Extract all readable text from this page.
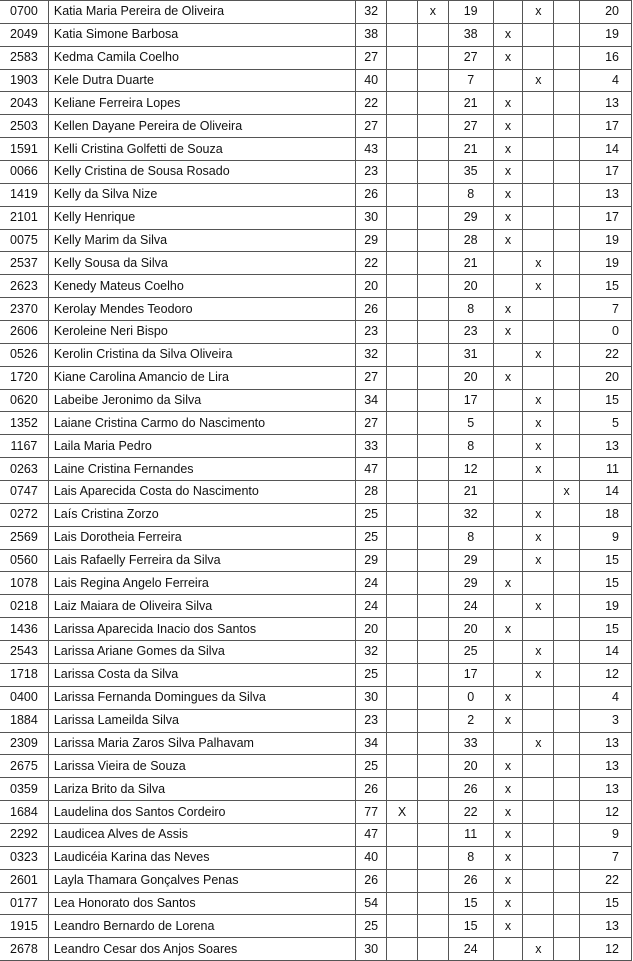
0700	Katia Maria Pereira de Oliveira	32		x	19		x		20
2049	Katia Simone Barbosa	38			38	x			19
2583	Kedma Camila Coelho	27			27	x			16
1903	Kele Dutra Duarte	40			7		x		4
2043	Keliane Ferreira Lopes	22			21	x			13
2503	Kellen Dayane Pereira de Oliveira	27			27	x			17
1591	Kelli Cristina Golfetti de Souza	43			21	x			14
0066	Kelly Cristina de Sousa Rosado	23			35	x			17
1419	Kelly da Silva Nize	26			8	x			13
2101	Kelly Henrique	30			29	x			17
0075	Kelly Marim da Silva	29			28	x			19
2537	Kelly Sousa da Silva	22			21		x		19
2623	Kenedy Mateus Coelho	20			20		x		15
2370	Kerolay Mendes Teodoro	26			8	x			7
2606	Keroleine Neri Bispo	23			23	x			0
0526	Kerolin Cristina da Silva Oliveira	32			31		x		22
1720	Kiane Carolina Amancio de Lira	27			20	x			20
0620	Labeibe Jeronimo da Silva	34			17		x		15
1352	Laiane Cristina Carmo do Nascimento	27			5		x		5
1167	Laila Maria Pedro	33			8		x		13
0263	Laine Cristina Fernandes	47			12		x		11
0747	Lais Aparecida Costa do Nascimento	28			21			x	14
0272	Laís Cristina Zorzo	25			32		x		18
2569	Lais Dorotheia Ferreira	25			8		x		9
0560	Lais Rafaelly Ferreira da Silva	29			29		x		15
1078	Lais Regina Angelo Ferreira	24			29	x			15
0218	Laiz Maiara de Oliveira Silva	24			24		x		19
1436	Larissa Aparecida Inacio dos Santos	20			20	x			15
2543	Larissa Ariane Gomes da Silva	32			25		x		14
1718	Larissa Costa da Silva	25			17		x		12
0400	Larissa Fernanda Domingues da Silva	30			0	x			4
1884	Larissa Lameilda Silva	23			2	x			3
2309	Larissa Maria Zaros Silva Palhavam	34			33		x		13
2675	Larissa Vieira de Souza	25			20	x			13
0359	Lariza Brito da Silva	26			26	x			13
1684	Laudelina dos Santos Cordeiro	77	X		22	x			12
2292	Laudicea Alves de Assis	47			11	x			9
0323	Laudicéia Karina das Neves	40			8	x			7
2601	Layla Thamara Gonçalves Penas	26			26	x			22
0177	Lea Honorato dos Santos	54			15	x			15
1915	Leandro Bernardo de Lorena	25			15	x			13
2678	Leandro Cesar dos Anjos Soares	30			24		x		12
